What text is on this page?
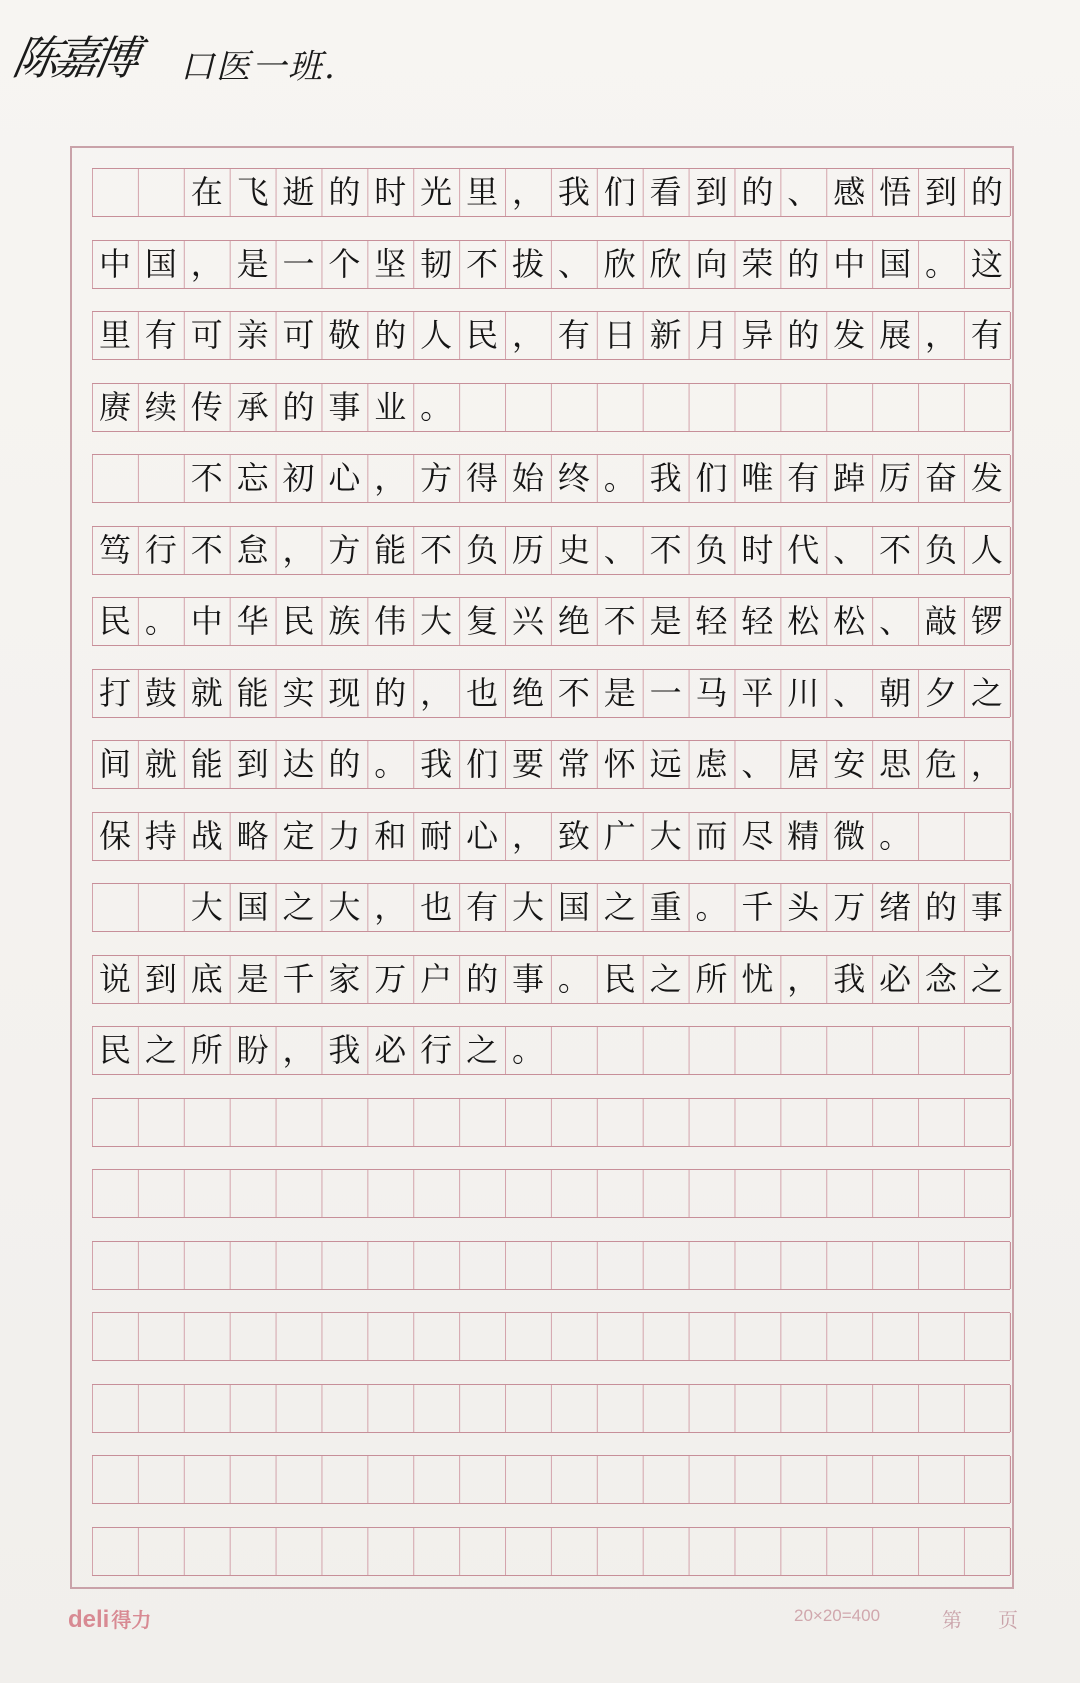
陈嘉博 口医一班.
在 飞 逝 的 时 光 里 ， 我 们 看 到 的 、 感 悟 到 的
中 国 ， 是 一 个 坚 韧 不 拔 、 欣 欣 向 荣 的 中 国 。 这
里 有 可 亲 可 敬 的 人 民 ， 有 日 新 月 异 的 发 展 ， 有
赓 续 传 承 的 事 业 。
不 忘 初 心 ， 方 得 始 终 。 我 们 唯 有 踔 厉 奋 发
笃 行 不 怠 ， 方 能 不 负 历 史 、 不 负 时 代 、 不 负 人
民 。 中 华 民 族 伟 大 复 兴 绝 不 是 轻 轻 松 松 、 敲 锣
打 鼓 就 能 实 现 的 ， 也 绝 不 是 一 马 平 川 、 朝 夕 之
间 就 能 到 达 的 。 我 们 要 常 怀 远 虑 、 居 安 思 危 ，
保 持 战 略 定 力 和 耐 心 ， 致 广 大 而 尽 精 微 。
大 国 之 大 ， 也 有 大 国 之 重 。 千 头 万 绪 的 事
说 到 底 是 千 家 万 户 的 事 。 民 之 所 忧 ， 我 必 念 之
民 之 所 盼 ， 我 必 行 之 。
deli 得力	20×20=400	第 页
